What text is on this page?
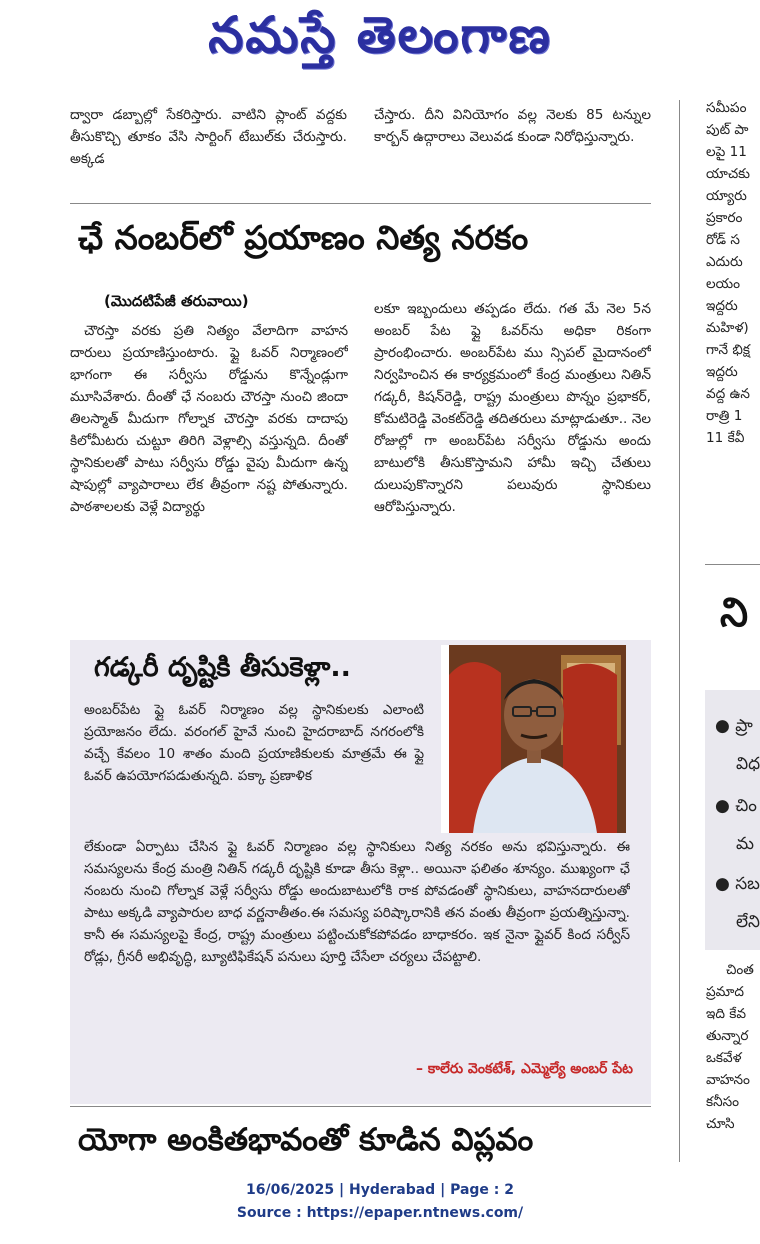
నమస్తే తెలంగాణ
ద్వారా డబ్బాల్లో సేకరిస్తారు. వాటిని ప్లాంట్ వద్దకు తీసుకొచ్చి తూకం వేసి సార్టింగ్ టేబుల్‌కు చేరుస్తారు. అక్కడ
చేస్తారు. దీని వినియోగం వల్ల నెలకు 85 టన్నుల కార్బన్ ఉద్గారాలు వెలువడ కుండా నిరోధిస్తున్నారు.
ఛే నంబర్‌లో ప్రయాణం నిత్య నరకం
(మొదటిపేజీ తరువాయి)
చౌరస్తా వరకు ప్రతి నిత్యం వేలాదిగా వాహన దారులు ప్రయాణిస్తుంటారు. ఫ్లై ఓవర్ నిర్మాణంలో భాగంగా ఈ సర్వీసు రోడ్డును కొన్నేండ్లుగా మూసివేశారు. దీంతో ఛే నంబరు చౌరస్తా నుంచి జిందా తిలస్మాత్ మీదుగా గోల్నాక చౌరస్తా వరకు దాదాపు కిలోమీటరు చుట్టూ తిరిగి వెళ్లాల్సి వస్తున్నది. దీంతో స్థానికులతో పాటు సర్వీసు రోడ్డు వైపు మీదుగా ఉన్న షాపుల్లో వ్యాపారాలు లేక తీవ్రంగా నష్ట పోతున్నారు. పాఠశాలలకు వెళ్లే విద్యార్థు
లకూ ఇబ్బందులు తప్పడం లేదు. గత మే నెల 5న అంబర్ పేట ఫ్లై ఓవర్‌ను అధికా రికంగా ప్రారంభించారు. అంబర్‌పేట ము న్సిపల్ మైదానంలో నిర్వహించిన ఈ కార్యక్రమంలో కేంద్ర మంత్రులు నితిన్ గడ్కరీ, కిషన్‌రెడ్డి, రాష్ట్ర మంత్రులు పొన్నం ప్రభాకర్, కోమటిరెడ్డి వెంకట్‌రెడ్డి తదితరులు మాట్లాడుతూ.. నెల రోజుల్లో గా అంబర్‌పేట సర్వీసు రోడ్డును అందు బాటులోకి తీసుకొస్తామని హామీ ఇచ్చి చేతులు దులుపుకొన్నారని పలువురు స్థానికులు ఆరోపిస్తున్నారు.
గడ్కరీ దృష్టికి తీసుకెళ్లా..
అంబర్‌పేట ఫ్లై ఓవర్ నిర్మాణం వల్ల స్థానికులకు ఎలాంటి ప్రయోజనం లేదు. వరంగల్ హైవే నుంచి హైదరాబాద్ నగరంలోకి వచ్చే కేవలం 10 శాతం మంది ప్రయాణికులకు మాత్రమే ఈ ఫ్లై ఓవర్ ఉపయోగపడుతున్నది. పక్కా ప్రణాళిక
లేకుండా ఏర్పాటు చేసిన ఫ్లై ఓవర్ నిర్మాణం వల్ల స్థానికులు నిత్య నరకం అను భవిస్తున్నారు. ఈ సమస్యలను కేంద్ర మంత్రి నితిన్ గడ్కరీ దృష్టికి కూడా తీసు కెళ్లా.. అయినా ఫలితం శూన్యం. ముఖ్యంగా ఛే నంబరు నుంచి గోల్నాక వెళ్లే సర్వీసు రోడ్డు అందుబాటులోకి రాక పోవడంతో స్థానికులు, వాహనదారులతో పాటు అక్కడి వ్యాపారుల బాధ వర్ణనాతీతం.ఈ సమస్య పరిష్కారానికి తన వంతు తీవ్రంగా ప్రయత్నిస్తున్నా. కానీ ఈ సమస్యలపై కేంద్ర, రాష్ట్ర మంత్రులు పట్టించుకోకపోవడం బాధాకరం. ఇక నైనా ఫ్లైవర్ కింద సర్వీస్ రోడ్లు, గ్రీనరీ అభివృద్ధి, బ్యూటిఫికేషన్ పనులు పూర్తి చేసేలా చర్యలు చేపట్టాలి.
– కాలేరు వెంకటేశ్, ఎమ్మెల్యే అంబర్ పేట
యోగా అంకితభావంతో కూడిన విప్లవం
సమీపం
పుట్ పా
లపై 11
యాచకు
య్యారు
ప్రకారం
రోడ్ స
ఎదురు
లయం
ఇద్దరు
మహిళ)
గానే భిక్ష
ఇద్దరు
వద్ద ఉన
రాత్రి 1
11 కేవీ
ని
● ప్రా
విధ
● చిం
మ
● సబ
లేని
చింత
ప్రమాద
ఇది కేవ
తున్నార
ఒకవేళ
వాహనం
కనీసం
చూసి
16/06/2025 | Hyderabad | Page : 2
Source : https://epaper.ntnews.com/
